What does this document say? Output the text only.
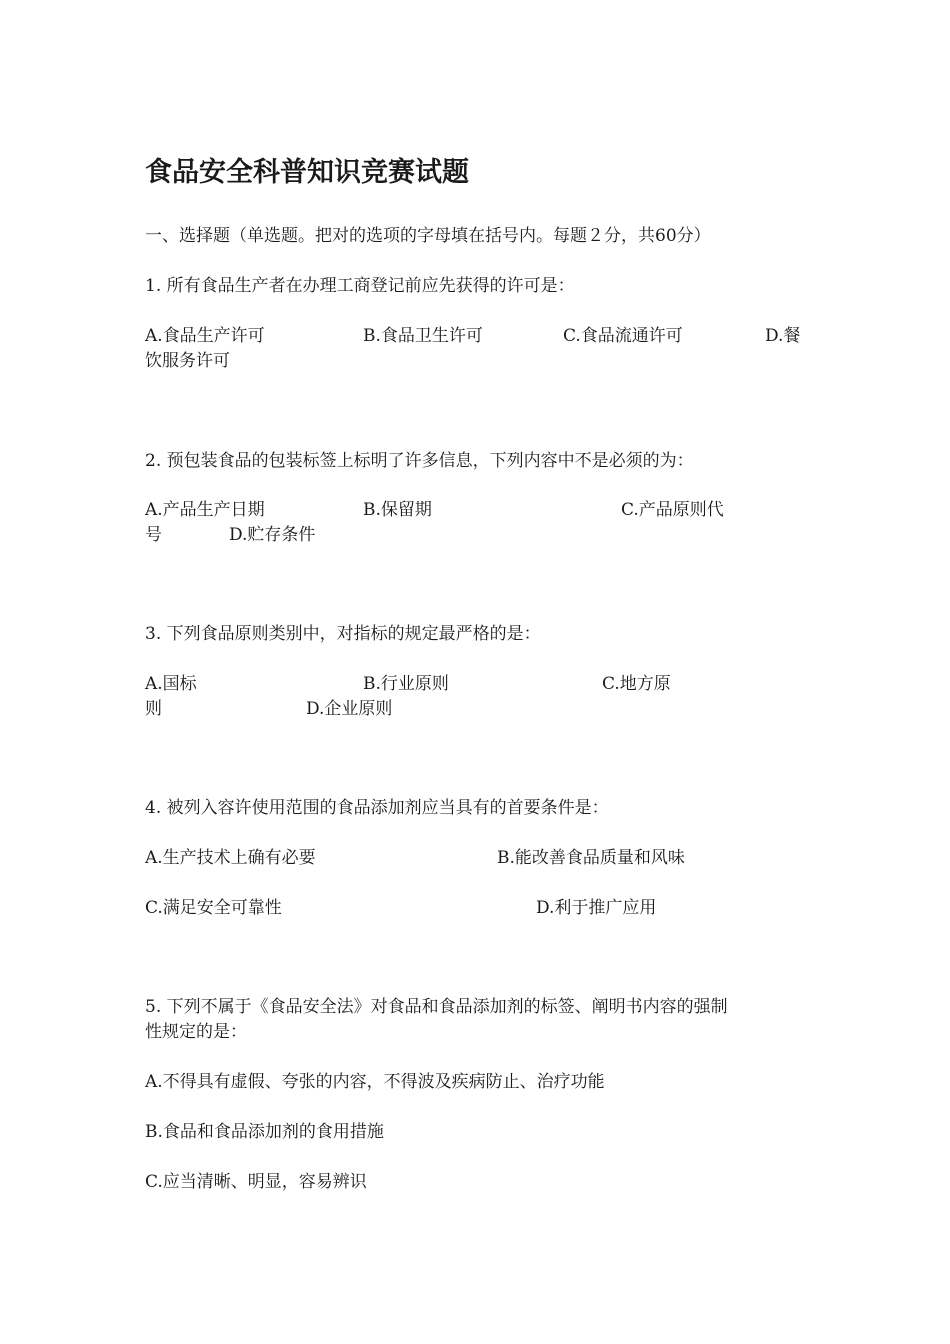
食品安全科普知识竞赛试题
一、选择题（单选题。把对的选项的字母填在括号内。每题２分，共60分）
1. 所有食品生产者在办理工商登记前应先获得的许可是：
A.食品生产许可	B.食品卫生许可	C.食品流通许可	D.餐
饮服务许可
2. 预包装食品的包装标签上标明了许多信息，下列内容中不是必须的为：
A.产品生产日期	B.保留期	C.产品原则代
号	D.贮存条件
3. 下列食品原则类别中，对指标的规定最严格的是：
A.国标	B.行业原则	C.地方原
则	D.企业原则
4. 被列入容许使用范围的食品添加剂应当具有的首要条件是：
A.生产技术上确有必要	B.能改善食品质量和风味
C.满足安全可靠性	D.利于推广应用
5. 下列不属于《食品安全法》对食品和食品添加剂的标签、阐明书内容的强制
性规定的是：
A.不得具有虚假、夸张的内容，不得波及疾病防止、治疗功能
B.食品和食品添加剂的食用措施
C.应当清晰、明显，容易辨识
